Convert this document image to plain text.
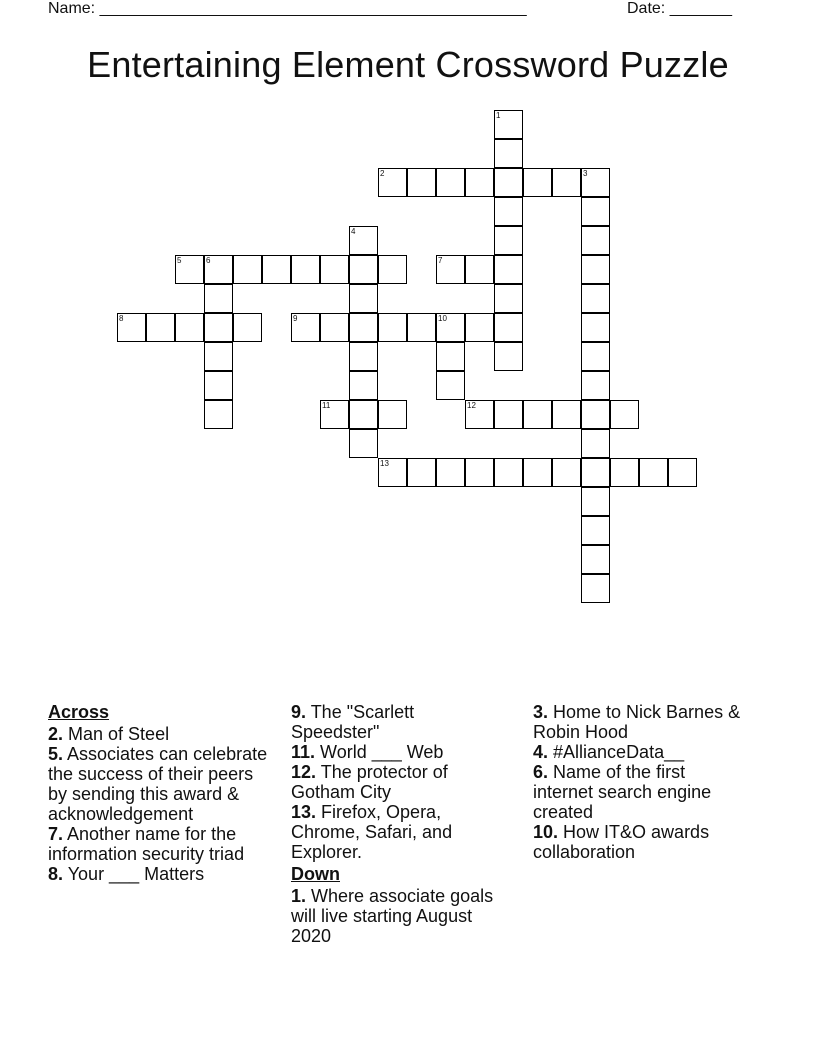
Name: ________________________________________________	Date: _______
Entertaining Element Crossword Puzzle
1
2	3
4
5	6	7
8	9	10
11	12
13
Across
2. Man of Steel
5. Associates can celebrate the success of their peers by sending this award & acknowledgement
7. Another name for the information security triad
8. Your ___ Matters
9. The "Scarlett Speedster"
11. World ___ Web
12. The protector of Gotham City
13. Firefox, Opera, Chrome, Safari, and Explorer.
Down
1. Where associate goals will live starting August 2020
3. Home to Nick Barnes & Robin Hood
4. #AllianceData__
6. Name of the first internet search engine created
10. How IT&O awards collaboration
